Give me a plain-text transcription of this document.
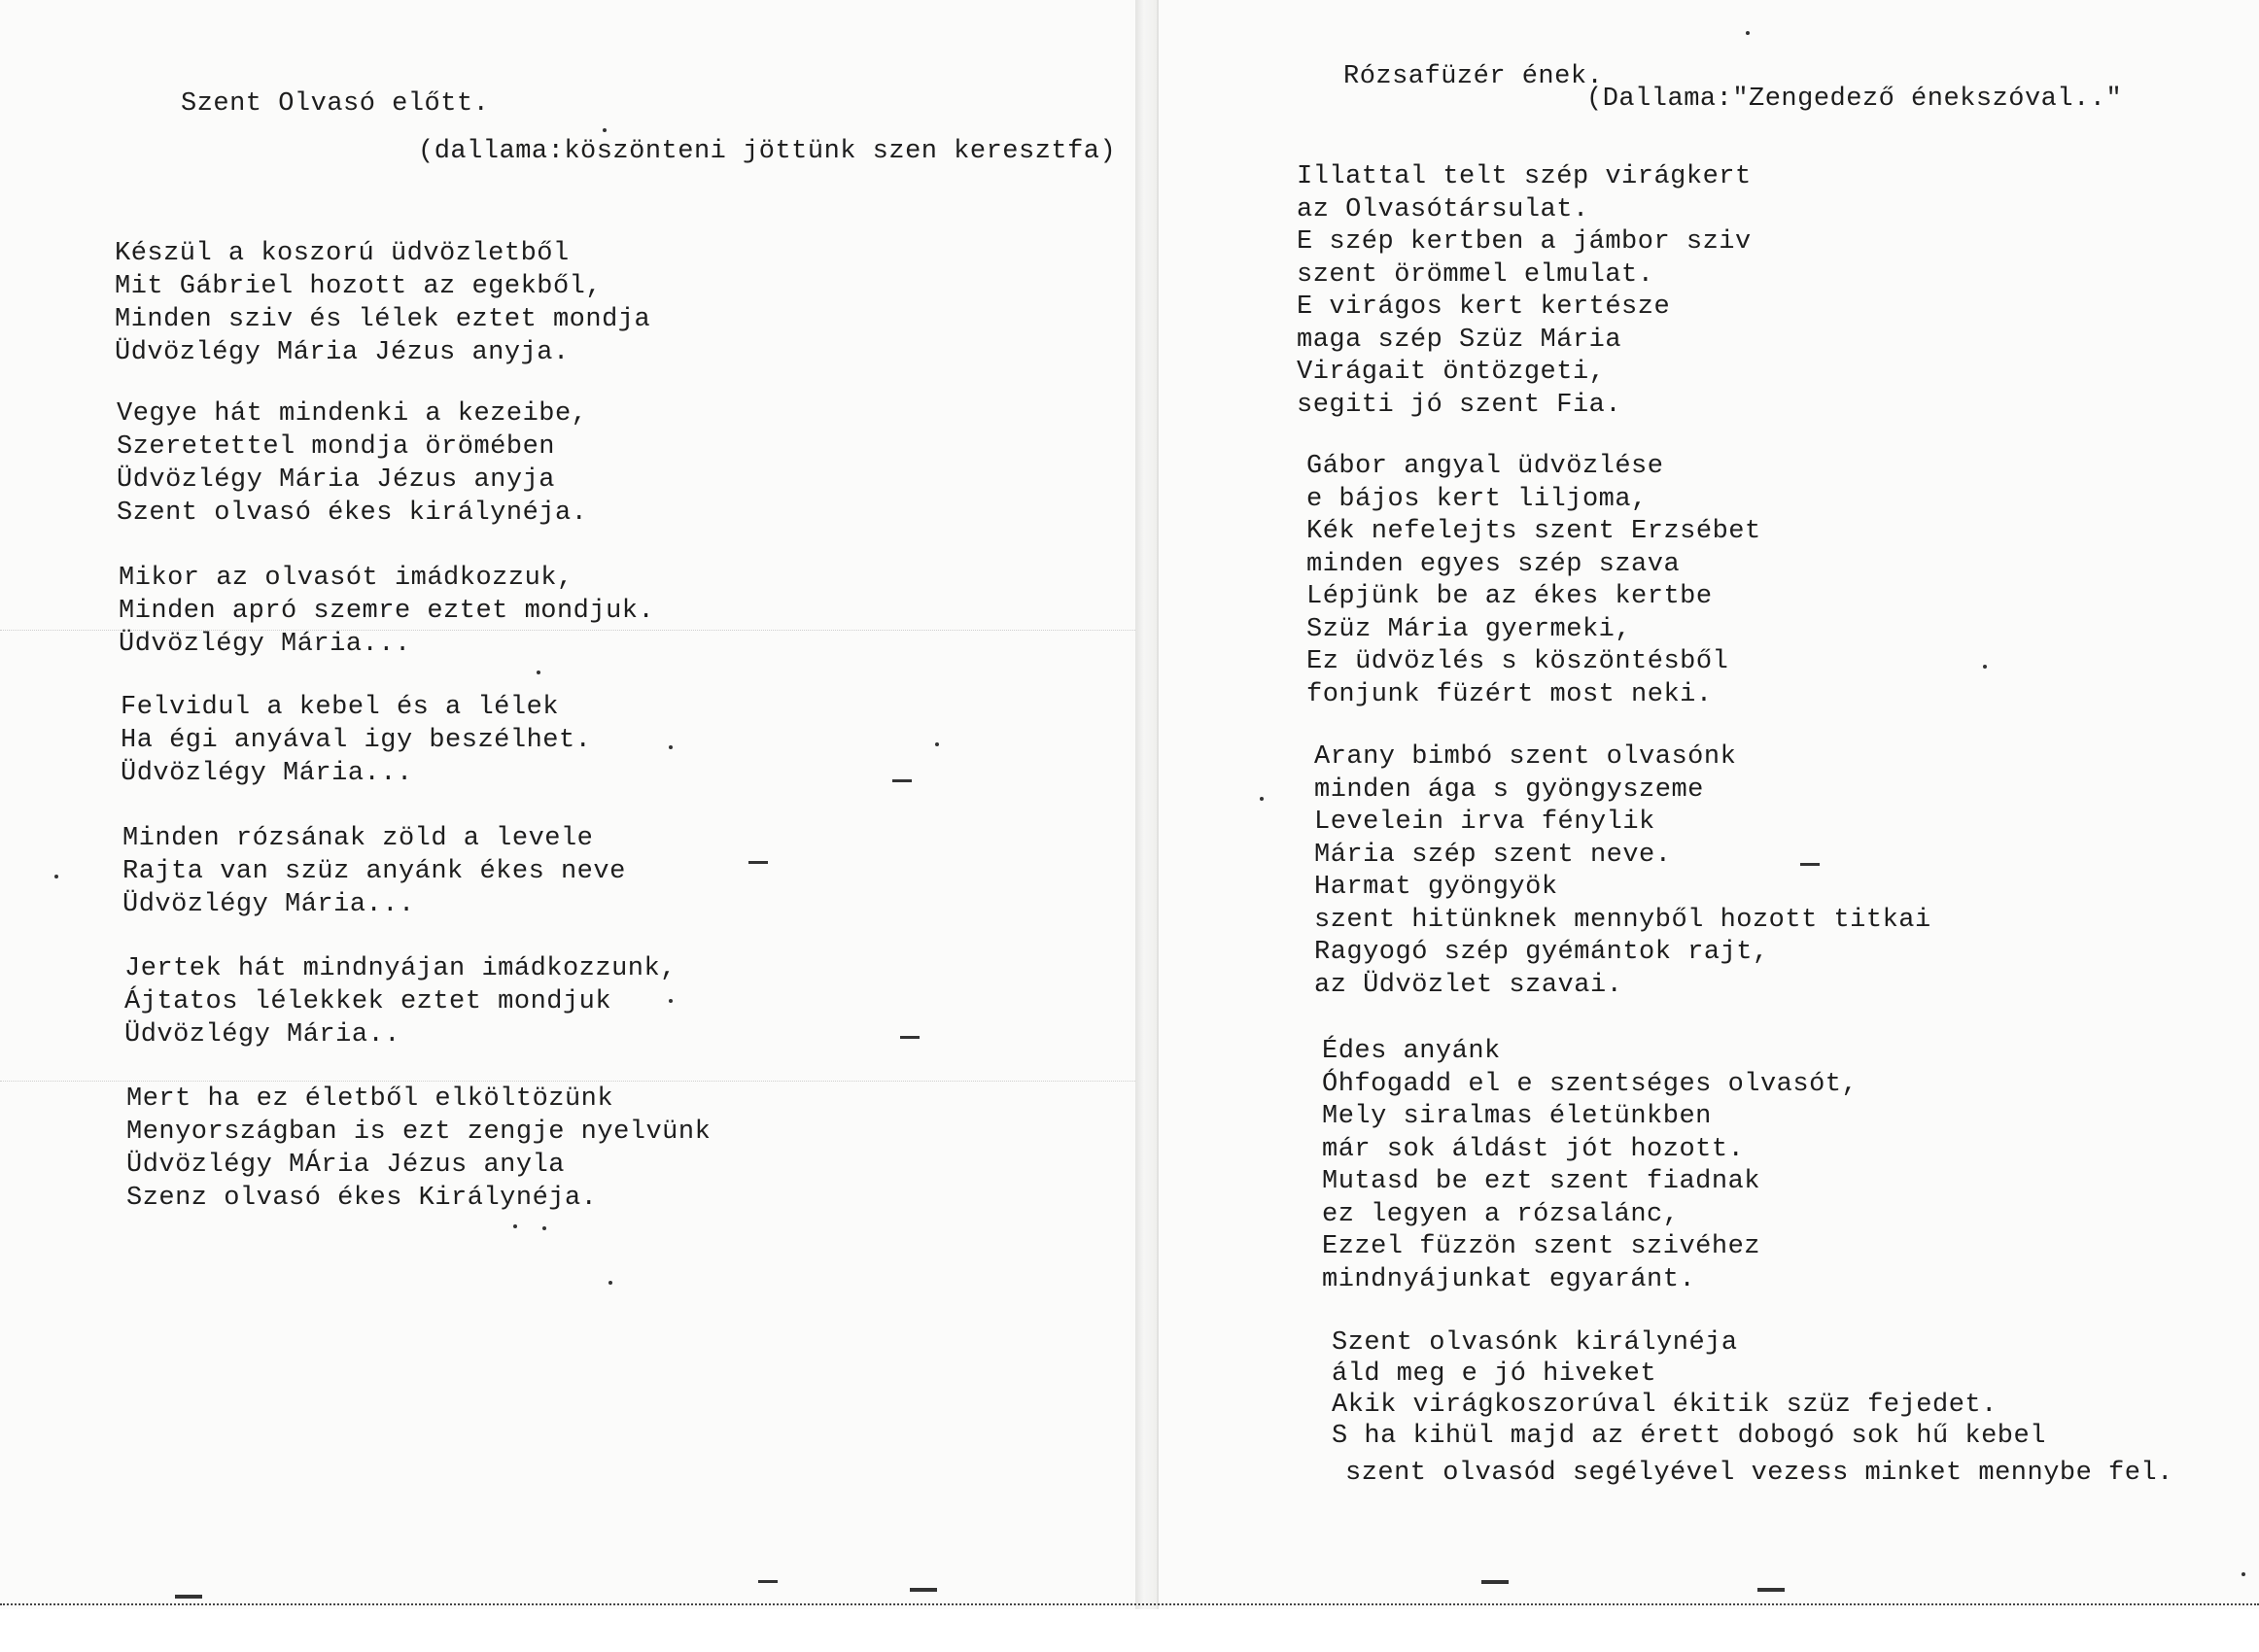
Szent Olvasó előtt.
(dallama:köszönteni jöttünk szen keresztfa)
Készül a koszorú üdvözletből
Mit Gábriel hozott az egekből,
Minden sziv és lélek eztet mondja
Üdvözlégy Mária Jézus anyja.
Vegye hát mindenki a kezeibe,
Szeretettel mondja örömében
Üdvözlégy Mária Jézus anyja
Szent olvasó ékes királynéja.
Mikor az olvasót imádkozzuk,
Minden apró szemre eztet mondjuk.
Üdvözlégy Mária...
Felvidul a kebel és a lélek
Ha égi anyával igy beszélhet.
Üdvözlégy Mária...
Minden rózsának zöld a levele
Rajta van szüz anyánk ékes neve
Üdvözlégy Mária...
Jertek hát mindnyájan imádkozzunk,
Ájtatos lélekkek eztet mondjuk
Üdvözlégy Mária..
Mert ha ez életből elköltözünk
Menyországban is ezt zengje nyelvünk
Üdvözlégy MÁria Jézus anyla
Szenz olvasó ékes Királynéja.
Rózsafüzér ének.
(Dallama:"Zengedező énekszóval.."
Illattal telt szép virágkert
az Olvasótársulat.
E szép kertben a jámbor sziv
szent örömmel elmulat.
E virágos kert kertésze
maga szép Szüz Mária
Virágait öntözgeti,
segiti jó szent Fia.
Gábor angyal üdvözlése
e bájos kert liljoma,
Kék nefelejts szent Erzsébet
minden egyes szép szava
Lépjünk be az ékes kertbe
Szüz Mária gyermeki,
Ez üdvözlés s köszöntésből
fonjunk füzért most neki.
Arany bimbó szent olvasónk
minden ága s gyöngyszeme
Levelein irva fénylik
Mária szép szent neve.
Harmat gyöngyök
szent hitünknek mennyből hozott titkai
Ragyogó szép gyémántok rajt,
az Üdvözlet szavai.
Édes anyánk
Óhfogadd el e szentséges olvasót,
Mely siralmas életünkben
már sok áldást jót hozott.
Mutasd be ezt szent fiadnak
ez legyen a rózsalánc,
Ezzel füzzön szent szivéhez
mindnyájunkat egyaránt.
Szent olvasónk királynéja
áld meg e jó hiveket
Akik virágkoszorúval ékitik szüz fejedet.
S ha kihül majd az érett dobogó sok hű kebel
szent olvasód segélyével vezess minket mennybe fel.
